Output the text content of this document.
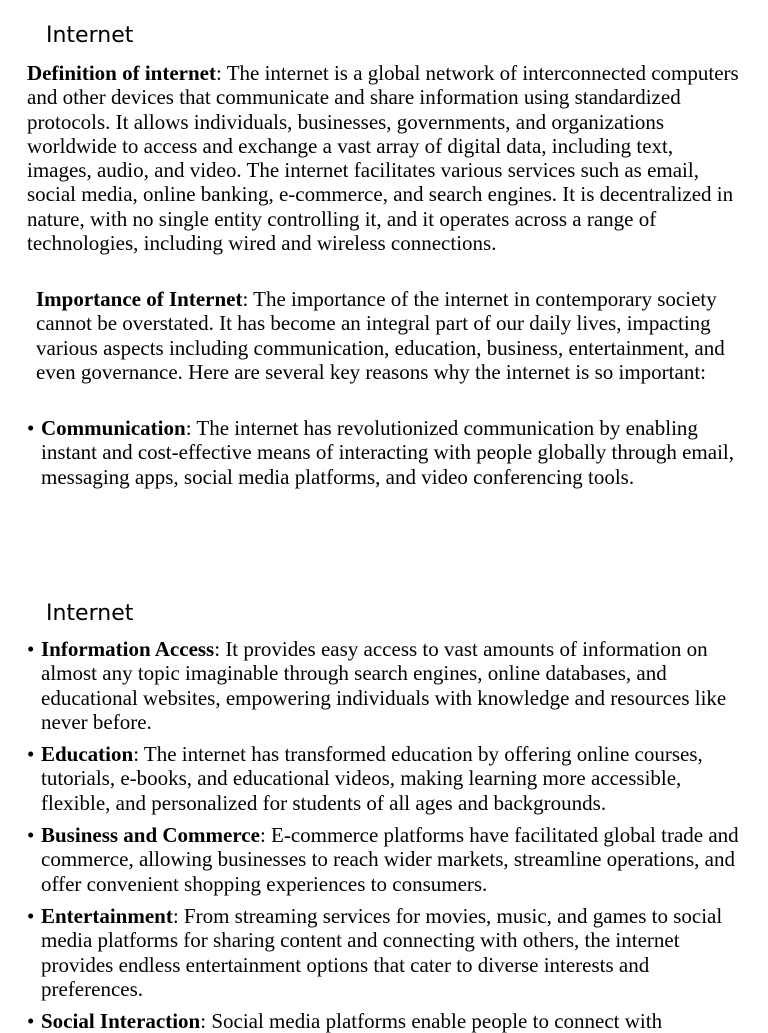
Internet

Definition of internet: The internet is a global network of interconnected computers and other devices that communicate and share information using standardized protocols. It allows individuals, businesses, governments, and organizations worldwide to access and exchange a vast array of digital data, including text, images, audio, and video. The internet facilitates various services such as email, social media, online banking, e-commerce, and search engines. It is decentralized in nature, with no single entity controlling it, and it operates across a range of technologies, including wired and wireless connections.

Importance of Internet: The importance of the internet in contemporary society cannot be overstated. It has become an integral part of our daily lives, impacting various aspects including communication, education, business, entertainment, and even governance. Here are several key reasons why the internet is so important:

• Communication: The internet has revolutionized communication by enabling instant and cost-effective means of interacting with people globally through email, messaging apps, social media platforms, and video conferencing tools.
Internet
• Information Access: It provides easy access to vast amounts of information on almost any topic imaginable through search engines, online databases, and educational websites, empowering individuals with knowledge and resources like never before.
• Education: The internet has transformed education by offering online courses, tutorials, e-books, and educational videos, making learning more accessible, flexible, and personalized for students of all ages and backgrounds.
• Business and Commerce: E-commerce platforms have facilitated global trade and commerce, allowing businesses to reach wider markets, streamline operations, and offer convenient shopping experiences to consumers.
• Entertainment: From streaming services for movies, music, and games to social media platforms for sharing content and connecting with others, the internet provides endless entertainment options that cater to diverse interests and preferences.
• Social Interaction: Social media platforms enable people to connect with
